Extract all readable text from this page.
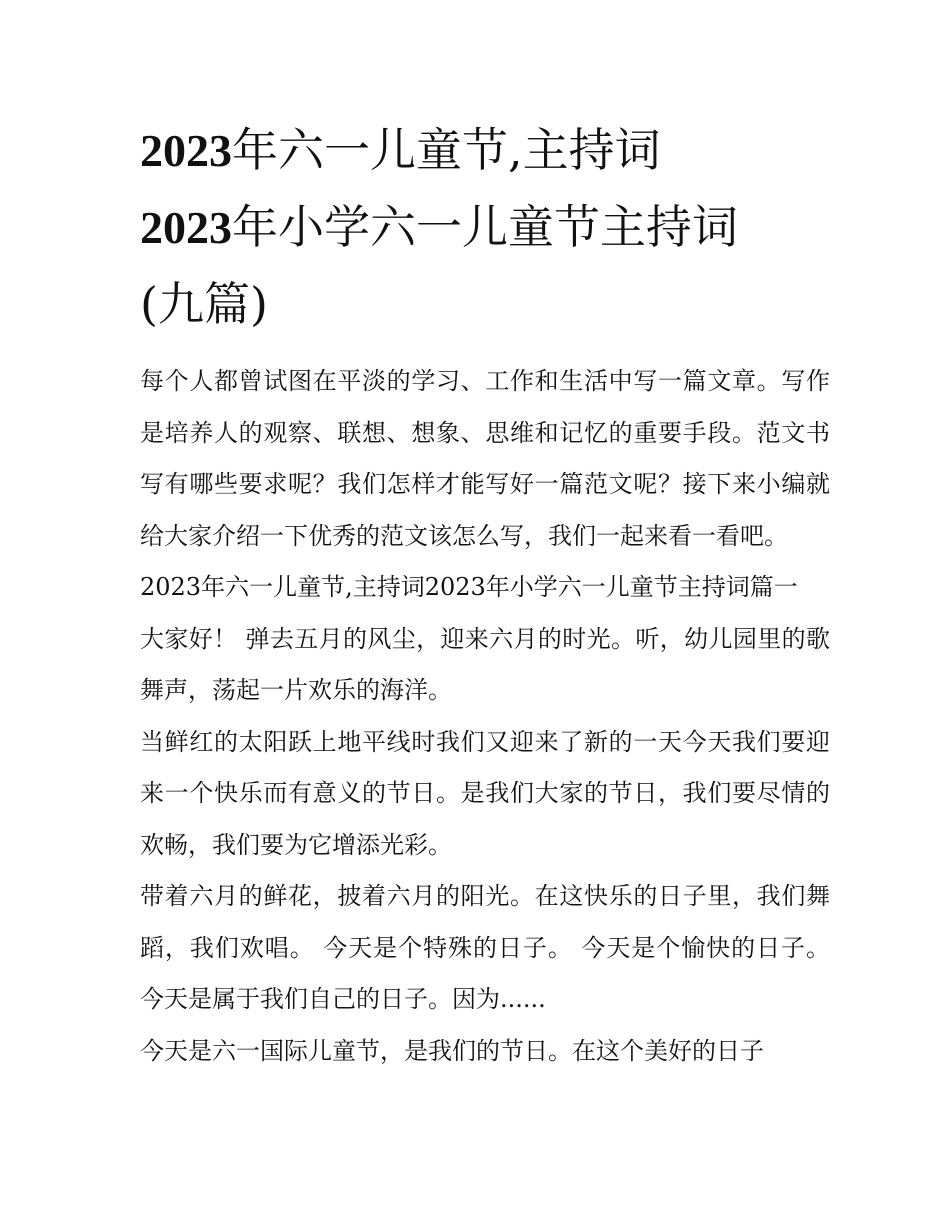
2023年六一儿童节,主持词
2023年小学六一儿童节主持词
(九篇)

每个人都曾试图在平淡的学习、工作和生活中写一篇文章。写作是培养人的观察、联想、想象、思维和记忆的重要手段。范文书写有哪些要求呢？我们怎样才能写好一篇范文呢？接下来小编就给大家介绍一下优秀的范文该怎么写，我们一起来看一看吧。

2023年六一儿童节,主持词2023年小学六一儿童节主持词篇一

大家好！ 弹去五月的风尘，迎来六月的时光。听，幼儿园里的歌舞声，荡起一片欢乐的海洋。

当鲜红的太阳跃上地平线时我们又迎来了新的一天今天我们要迎来一个快乐而有意义的节日。是我们大家的节日，我们要尽情的欢畅，我们要为它增添光彩。

带着六月的鲜花，披着六月的阳光。在这快乐的日子里，我们舞蹈，我们欢唱。 今天是个特殊的日子。 今天是个愉快的日子。 今天是属于我们自己的日子。因为......

今天是六一国际儿童节，是我们的节日。在这个美好的日子
